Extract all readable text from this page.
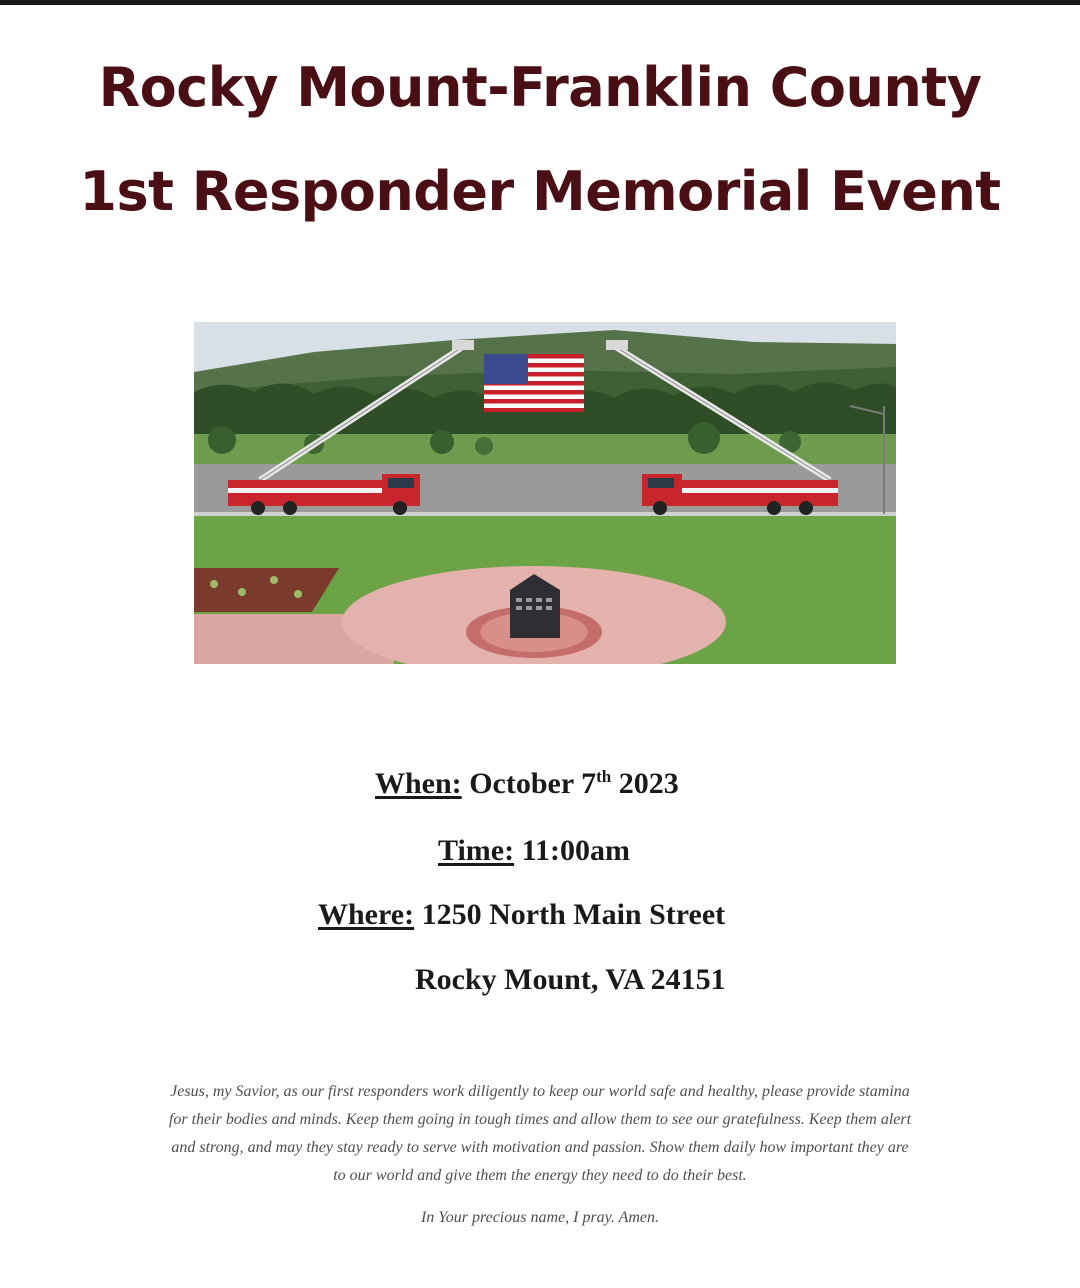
Rocky Mount-Franklin County
1st Responder Memorial Event
When: October 7th 2023
Time: 11:00am
Where: 1250 North Main Street
Rocky Mount, VA 24151
Jesus, my Savior, as our first responders work diligently to keep our world safe and healthy, please provide stamina
for their bodies and minds. Keep them going in tough times and allow them to see our gratefulness. Keep them alert
and strong, and may they stay ready to serve with motivation and passion. Show them daily how important they are
to our world and give them the energy they need to do their best.
In Your precious name, I pray. Amen.
